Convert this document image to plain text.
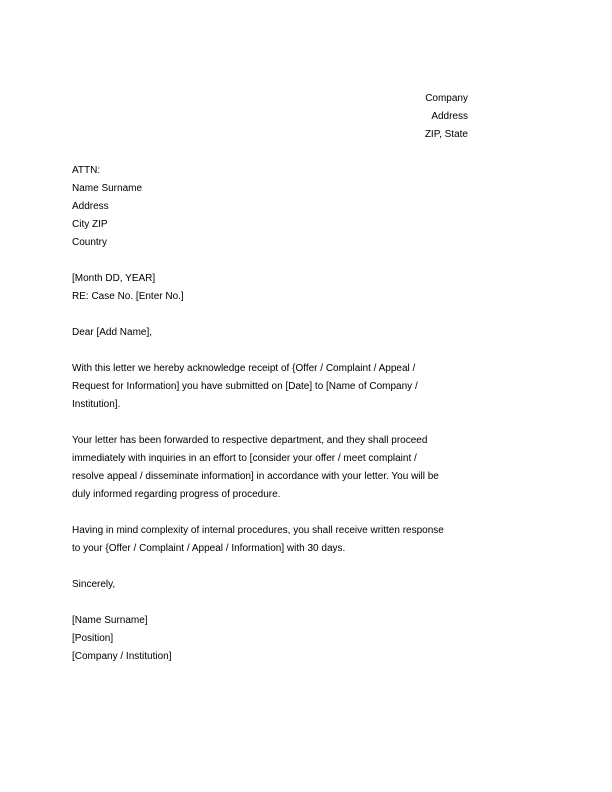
Company
Address
ZIP, State
ATTN:
Name Surname
Address
City ZIP
Country
[Month DD, YEAR]
RE: Case No. [Enter No.]
Dear [Add Name],
With this letter we hereby acknowledge receipt of {Offer / Complaint / Appeal /
Request for Information] you have submitted on [Date] to [Name of Company /
Institution].
Your letter has been forwarded to respective department, and they shall proceed
immediately with inquiries in an effort to [consider your offer / meet complaint /
resolve appeal / disseminate information] in accordance with your letter. You will be
duly informed regarding progress of procedure.
Having in mind complexity of internal procedures, you shall receive written response
to your {Offer / Complaint / Appeal / Information] with 30 days.
Sincerely,
[Name Surname]
[Position]
[Company / Institution]
